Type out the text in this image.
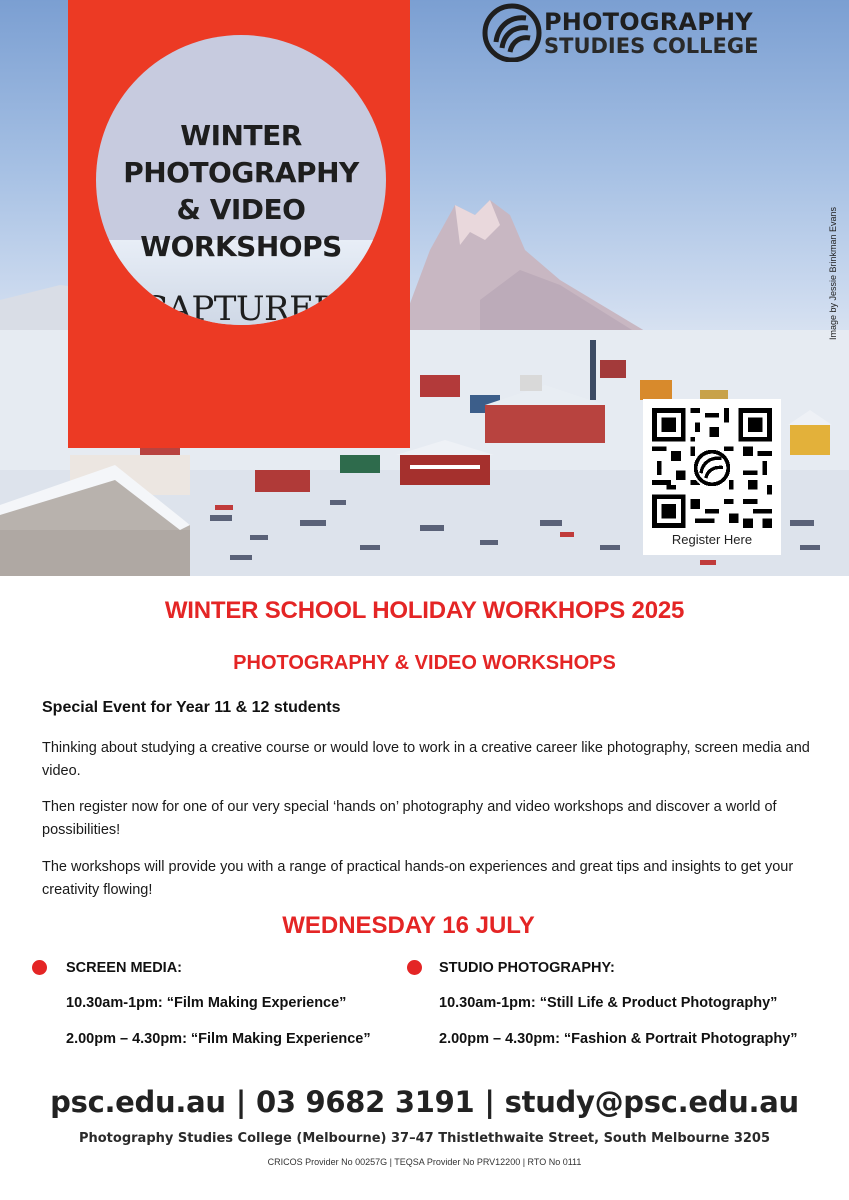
WINTER
PHOTOGRAPHY
& VIDEO
WORKSHOPS
CAPTURED
PHOTOGRAPHY
STUDIES COLLEGE
Image by Jessie Brinkman Evans
Register Here
WINTER SCHOOL HOLIDAY WORKHOPS 2025
PHOTOGRAPHY & VIDEO WORKSHOPS
Special Event for Year 11 & 12 students
Thinking about studying a creative course or would love to work in a creative career like photography, screen media and video.
Then register now for one of our very special ‘hands on’ photography and video workshops and discover a world of possibilities!
The workshops will provide you with a range of practical hands-on experiences and great tips and insights to get your creativity flowing!
WEDNESDAY 16 JULY
SCREEN MEDIA:
10.30am-1pm: “Film Making Experience”
2.00pm – 4.30pm: “Film Making Experience”
STUDIO PHOTOGRAPHY:
10.30am-1pm: “Still Life & Product Photography”
2.00pm – 4.30pm: “Fashion & Portrait Photography”
psc.edu.au | 03 9682 3191 | study@psc.edu.au
Photography Studies College (Melbourne) 37–47 Thistlethwaite Street, South Melbourne 3205
CRICOS Provider No 00257G | TEQSA Provider No PRV12200 | RTO No 0111
